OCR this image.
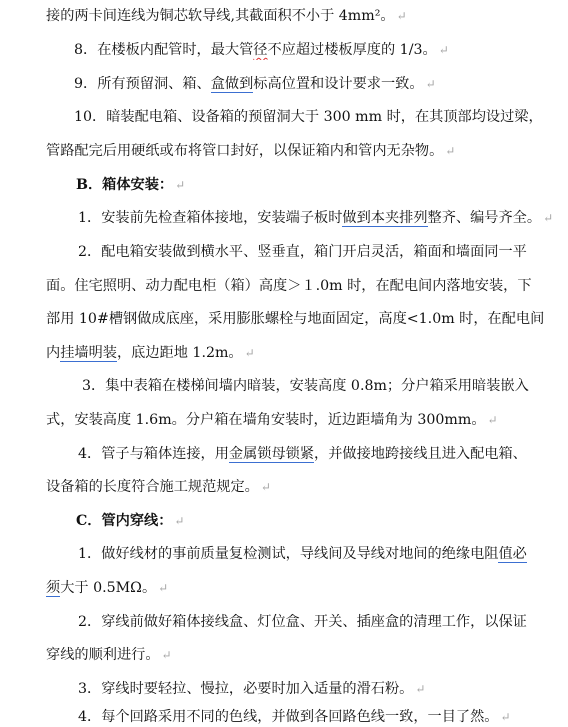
接的两卡间连线为铜芯软导线,其截面积不小于 4mm²。 ↵
8．在楼板内配管时，最大管径不应超过楼板厚度的 1/3。 ↵
9．所有预留洞、箱、盒做到标高位置和设计要求一致。 ↵
10．暗装配电箱、设备箱的预留洞大于 300 mm 时，在其顶部均设过梁，
管路配完后用硬纸或布将管口封好，以保证箱内和管内无杂物。 ↵
B．箱体安装： ↵
1．安装前先检查箱体接地，安装端子板时做到本夹排列整齐、编号齐全。 ↵
2．配电箱安装做到横水平、竖垂直，箱门开启灵活，箱面和墙面同一平
面。住宅照明、动力配电柜（箱）高度＞１.0m 时，在配电间内落地安装，下
部用 10#槽钢做成底座，采用膨胀螺栓与地面固定，高度<1.0m 时，在配电间
内挂墙明装，底边距地 1.2m。 ↵
3．集中表箱在楼梯间墙内暗装，安装高度 0.8m；分户箱采用暗装嵌入
式，安装高度 1.6m。分户箱在墙角安装时，近边距墙角为 300mm。 ↵
4．管子与箱体连接，用金属锁母锁紧，并做接地跨接线且进入配电箱、
设备箱的长度符合施工规范规定。 ↵
C．管内穿线： ↵
1．做好线材的事前质量复检测试，导线间及导线对地间的绝缘电阻值必
须大于 0.5MΩ。 ↵
2．穿线前做好箱体接线盒、灯位盒、开关、插座盒的清理工作，以保证
穿线的顺利进行。 ↵
3．穿线时要轻拉、慢拉，必要时加入适量的滑石粉。 ↵
4．每个回路采用不同的色线，并做到各回路色线一致，一目了然。 ↵
